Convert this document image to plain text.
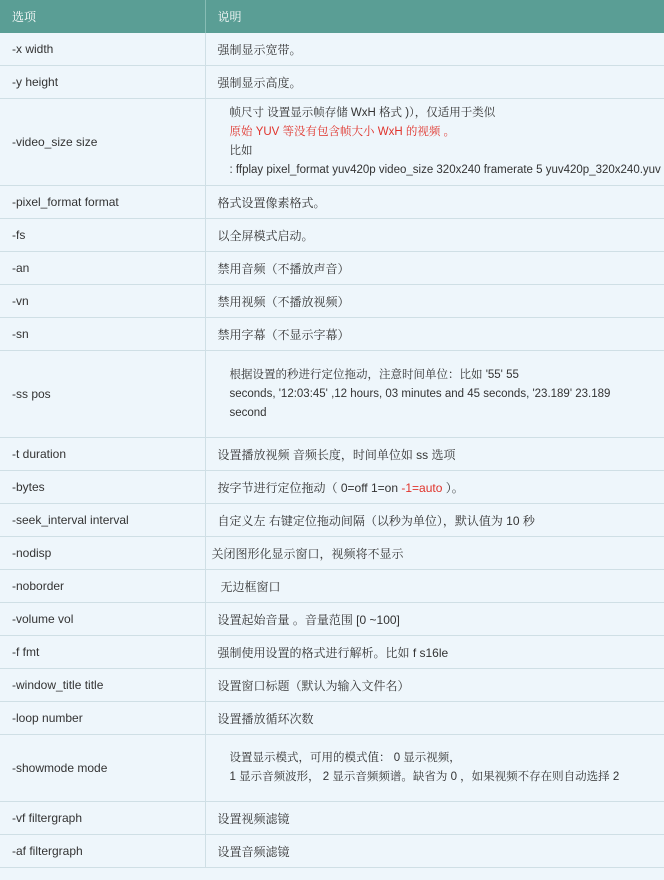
选项	说明
-x width	强制显示宽带。
-y height	强制显示高度。
-video_size size	帧尺寸 设置显示帧存储 WxH 格式 )），仅适用于类似
原始 YUV 等没有包含帧大小 WxH 的视频 。
比如
: ffplay pixel_format yuv420p video_size 320x240 framerate 5 yuv420p_320x240.yuv

-pixel_format format	格式设置像素格式。
-fs	以全屏模式启动。
-an	禁用音频（不播放声音）
-vn	禁用视频（不播放视频）
-sn	禁用字幕（不显示字幕）
-ss pos	根据设置的秒进行定位拖动，注意时间单位：比如 '55' 55
seconds, '12:03:45' ,12 hours, 03 minutes and 45 seconds, '23.189' 23.189
second

-t duration	设置播放视频 音频长度，时间单位如 ss 选项
-bytes	按字节进行定位拖动（ 0=off 1=on -1=auto ）。
-seek_interval interval	自定义左 右键定位拖动间隔（以秒为单位），默认值为 10 秒
-nodisp	关闭图形化显示窗口，视频将不显示
-noborder	无边框窗口
-volume vol	设置起始音量 。音量范围 [0 ~100]
-f fmt	强制使用设置的格式进行解析。比如 f s16le
-window_title title	设置窗口标题（默认为输入文件名）
-loop number	设置播放循环次数
-showmode mode	设置显示模式，可用的模式值： 0 显示视频，
1 显示音频波形， 2 显示音频频谱。缺省为 0 ，如果视频不存在则自动选择 2

-vf filtergraph	设置视频滤镜
-af filtergraph	设置音频滤镜
